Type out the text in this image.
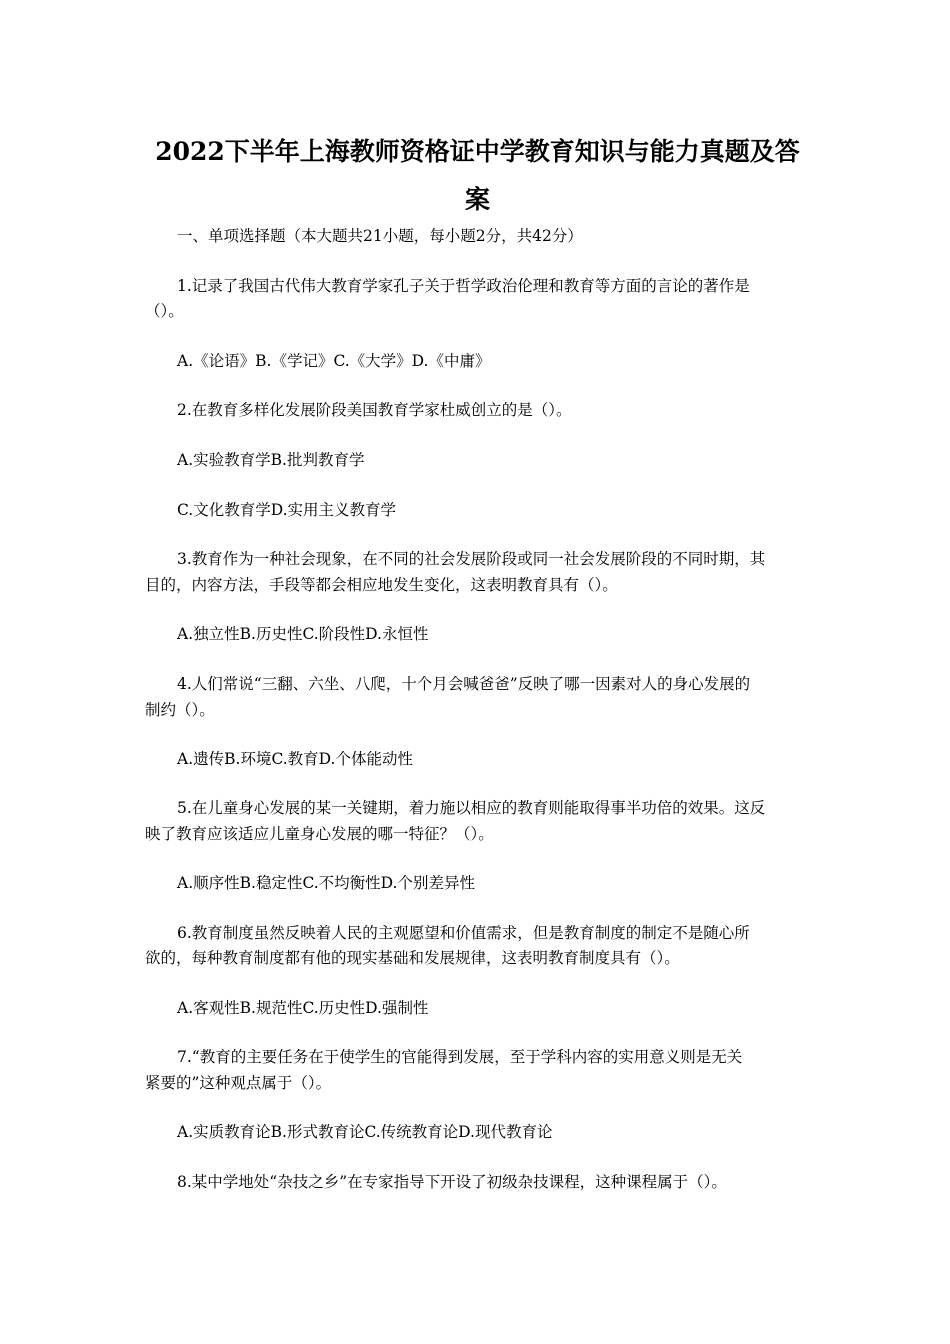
2022下半年上海教师资格证中学教育知识与能力真题及答
案
一、单项选择题（本大题共21小题，每小题2分，共42分）
1.记录了我国古代伟大教育学家孔子关于哲学政治伦理和教育等方面的言论的著作是
（）。
A.《论语》B.《学记》C.《大学》D.《中庸》
2.在教育多样化发展阶段美国教育学家杜威创立的是（）。
A.实验教育学B.批判教育学
C.文化教育学D.实用主义教育学
3.教育作为一种社会现象，在不同的社会发展阶段或同一社会发展阶段的不同时期，其
目的，内容方法，手段等都会相应地发生变化，这表明教育具有（）。
A.独立性B.历史性C.阶段性D.永恒性
4.人们常说“三翻、六坐、八爬，十个月会喊爸爸”反映了哪一因素对人的身心发展的
制约（）。
A.遗传B.环境C.教育D.个体能动性
5.在儿童身心发展的某一关键期，着力施以相应的教育则能取得事半功倍的效果。这反
映了教育应该适应儿童身心发展的哪一特征？（）。
A.顺序性B.稳定性C.不均衡性D.个别差异性
6.教育制度虽然反映着人民的主观愿望和价值需求，但是教育制度的制定不是随心所
欲的，每种教育制度都有他的现实基础和发展规律，这表明教育制度具有（）。
A.客观性B.规范性C.历史性D.强制性
7.“教育的主要任务在于使学生的官能得到发展，至于学科内容的实用意义则是无关
紧要的”这种观点属于（）。
A.实质教育论B.形式教育论C.传统教育论D.现代教育论
8.某中学地处“杂技之乡”在专家指导下开设了初级杂技课程，这种课程属于（）。
